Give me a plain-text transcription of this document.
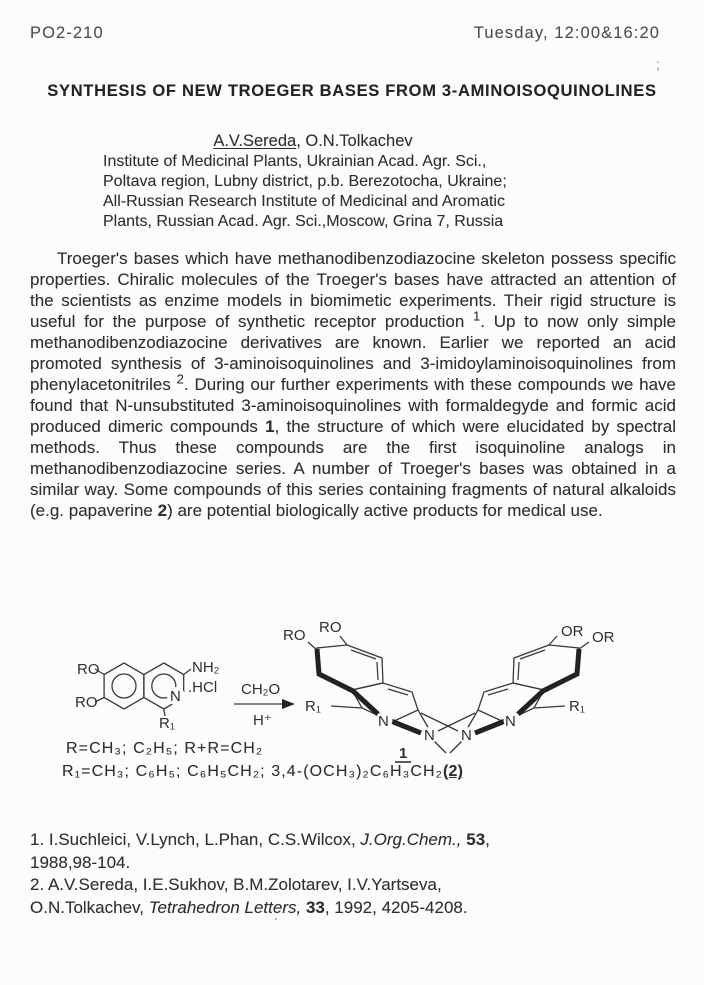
PO2-210	Tuesday, 12:00&16:20
;
SYNTHESIS OF NEW TROEGER BASES FROM 3-AMINOISOQUINOLINES
A.V.Sereda, O.N.Tolkachev
Institute of Medicinal Plants, Ukrainian Acad. Agr. Sci.,
Poltava region, Lubny district, p.b. Berezotocha, Ukraine;
All-Russian Research Institute of Medicinal and Aromatic
Plants, Russian Acad. Agr. Sci.,Moscow, Grina 7, Russia

Troeger's bases which have methanodibenzodiazocine skeleton possess specific properties. Chiralic molecules of the Troeger's bases have attracted an attention of the scientists as enzime models in biomimetic experiments. Their rigid structure is useful for the purpose of synthetic receptor production $^1$. Up to now only simple methanodibenzodiazocine derivatives are known. Earlier we reported an acid promoted synthesis of 3-aminoisoquinolines and 3-imidoylaminoisoquinolines from phenylacetonitriles $^2$. During our further experiments with these compounds we have found that N-unsubstituted 3-aminoisoquinolines with formaldegyde and formic acid produced dimeric compounds 1, the structure of which were elucidated by spectral methods. Thus these compounds are the first isoquinoline analogs in methanodibenzodiazocine series. A number of Troeger's bases was obtained in a similar way. Some compounds of this series containing fragments of natural alkaloids (e.g. papaverine 2) are potential biologically active products for medical use.

RO
RO
NH₂
.HCl
N
R₁
CH₂O
H⁺
RO RO	OR OR
R₁	R₁
N	N
N N
1
R=CH₃; C₂H₅; R+R=CH₂
R₁=CH₃; C₆H₅; C₆H₅CH₂; 3,4-(OCH₃)₂C₆H₃CH₂(2)

1. I.Suchleici, V.Lynch, L.Phan, C.S.Wilcox, J.Org.Chem., 53, 1988,98-104.

2. A.V.Sereda, I.E.Sukhov, B.M.Zolotarev, I.V.Yartseva, O.N.Tolkachev, Tetrahedron Letters, 33, 1992, 4205-4208.
